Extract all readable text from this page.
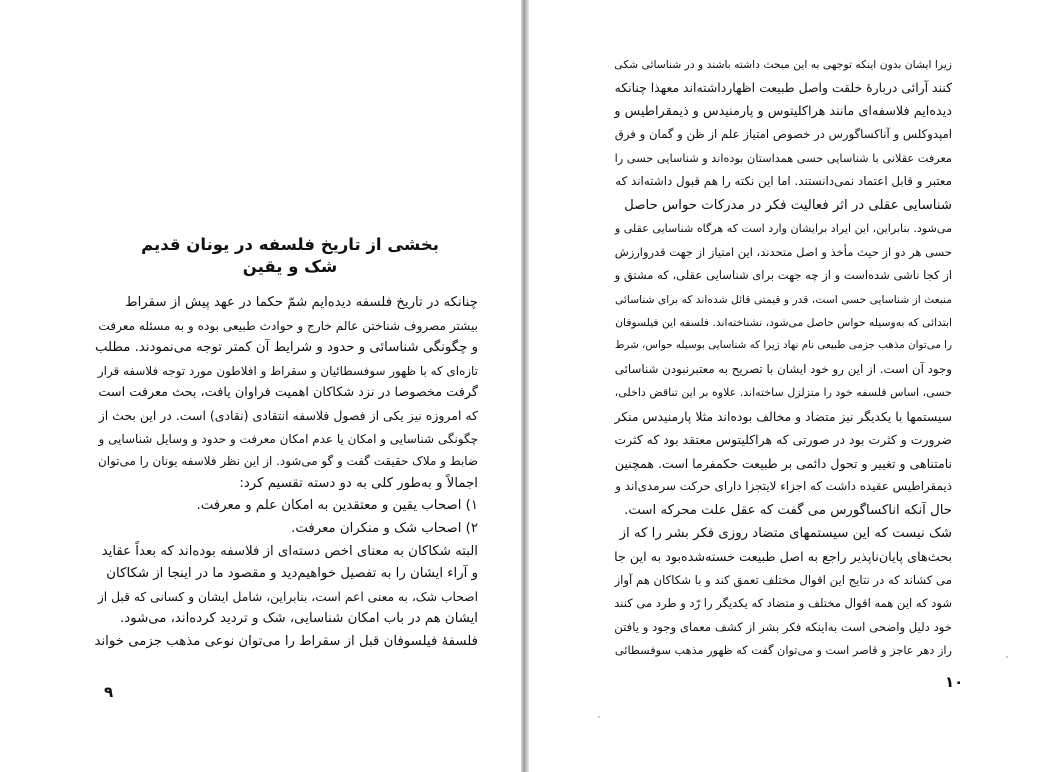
بخشی از تاریخ فلسفه در یونان قدیم
شک و یقین

چنانکه در تاریخ فلسفه دیده‌ایم شمّ حکما در عهد پیش از سقراط

بیشتر مصروف شناختن عالم خارج و حوادث طبیعی بوده و به مسئله معرفت

و چگونگی شناسائی و حدود و شرایط آن کمتر توجه می‌نمودند. مطلب

تازه‌ای که با ظهور سوفسطائیان و سقراط و افلاطون مورد توجه فلاسفه قرار

گرفت مخصوصا در نزد شکاکان اهمیت فراوان یافت، بحث معرفت است

که امروزه نیز یکی از فصول فلاسفه انتقادی (نقادی) است. در این بحث از

چگونگی شناسایی و امکان یا عدم امکان معرفت و حدود و وسایل شناسایی و

ضابط و ملاک حقیقت گفت و گو می‌شود. از این نظر فلاسفه یونان را می‌توان

اجمالاً و بەطور کلی به دو دسته تقسیم کرد:

۱) اصحاب یقین و معتقدین به امکان علم و معرفت.

۲) اصحاب شک و منکران معرفت.

البته شکاکان به معنای اخص دسته‌ای از فلاسفه بوده‌اند که بعداً عقاید

و آراء ایشان را به تفصیل خواهیم‌دید و مقصود ما در اینجا از شکاکان

اصحاب شک، به معنی اعم است، بنابراین، شامل ایشان و کسانی که قبل از

ایشان هم در باب امکان شناسایی، شک و تردید کرده‌اند، می‌شود.

فلسفهٔ فیلسوفان قبل از سقراط را می‌توان نوعی مذهب جزمی خواند

زیرا ایشان بدون اینکه توجهی به این مبحث داشته باشند و در شناسائی شکی

کنند آرائی دربارهٔ خلقت واصل طبیعت اظهارداشته‌اند معهذا چنانکه

دیده‌ایم فلاسفه‌ای مانند هراکلیتوس و پارمنیدس و ذیمقراطیس و

امپدوکلس و آناکساگورس در خصوص امتیاز علم از ظن و گمان و فرق

معرفت عقلانی با شناسایی حسی همداستان بوده‌اند و شناسایی حسی را

معتبر و قابل اعتماد نمی‌دانستند. اما این نکته را هم قبول داشته‌اند که

شناسایی عقلی در اثر فعالیت فکر در مدرکات حواس حاصل

می‌شود. بنابراین، این ایراد برایشان وارد است که هرگاه شناسایی عقلی و

حسی هر دو از حیث مأخذ و اصل متحدند، این امتیاز از جهت قدروارزش

از کجا ناشی شده‌است و از چه جهت برای شناسایی عقلی، که مشتق و

منبعث از شناسایی حسی است، قدر و قیمتی قائل شده‌اند که برای شناسائی

ابتدائی که بەوسیله حواس حاصل می‌شود، نشناخته‌اند. فلسفه این فیلسوفان

را می‌توان مذهب جزمی طبیعی نام نهاد زیرا که شناسایی بوسیله حواس، شرط

وجود آن است. از این رو خود ایشان با تصریح به معتبرنبودن شناسائی

حسی، اساس فلسفه خود را متزلزل ساخته‌اند. علاوه بر این تناقض داخلی،

سیستمها با یکدیگر نیز متضاد و مخالف بوده‌اند مثلا پارمنیدس منکر

ضرورت و کثرت بود در صورتی که هراکلیتوس معتقد بود که کثرت

نامتناهی و تغییر و تحول دائمی بر طبیعت حکمفرما است. همچنین

ذیمقراطیس عقیده داشت که اجزاء لایتجزا دارای حرکت سرمدی‌اند و

حال آنکه اناکساگورس می گفت که عقل علت محرکه است.

شک نیست که این سیستمهای متضاد روزی فکر بشر را که از

بحث‌های پایان‌ناپذیر راجع به اصل طبیعت خسته‌شده‌بود به این جا

می کشاند که در نتایج این اقوال مختلف تعمق کند و با شکاکان هم آواز

شود که این همه اقوال مختلف و متضاد که یکدیگر را رّد و طرد می کنند

خود دلیل واضحی است به‌اینکه فکر بشر از کشف معمای وجود و یافتن

راز دهر عاجز و قاصر است و می‌توان گفت که ظهور مذهب سوفسطائی

۹
۱۰
